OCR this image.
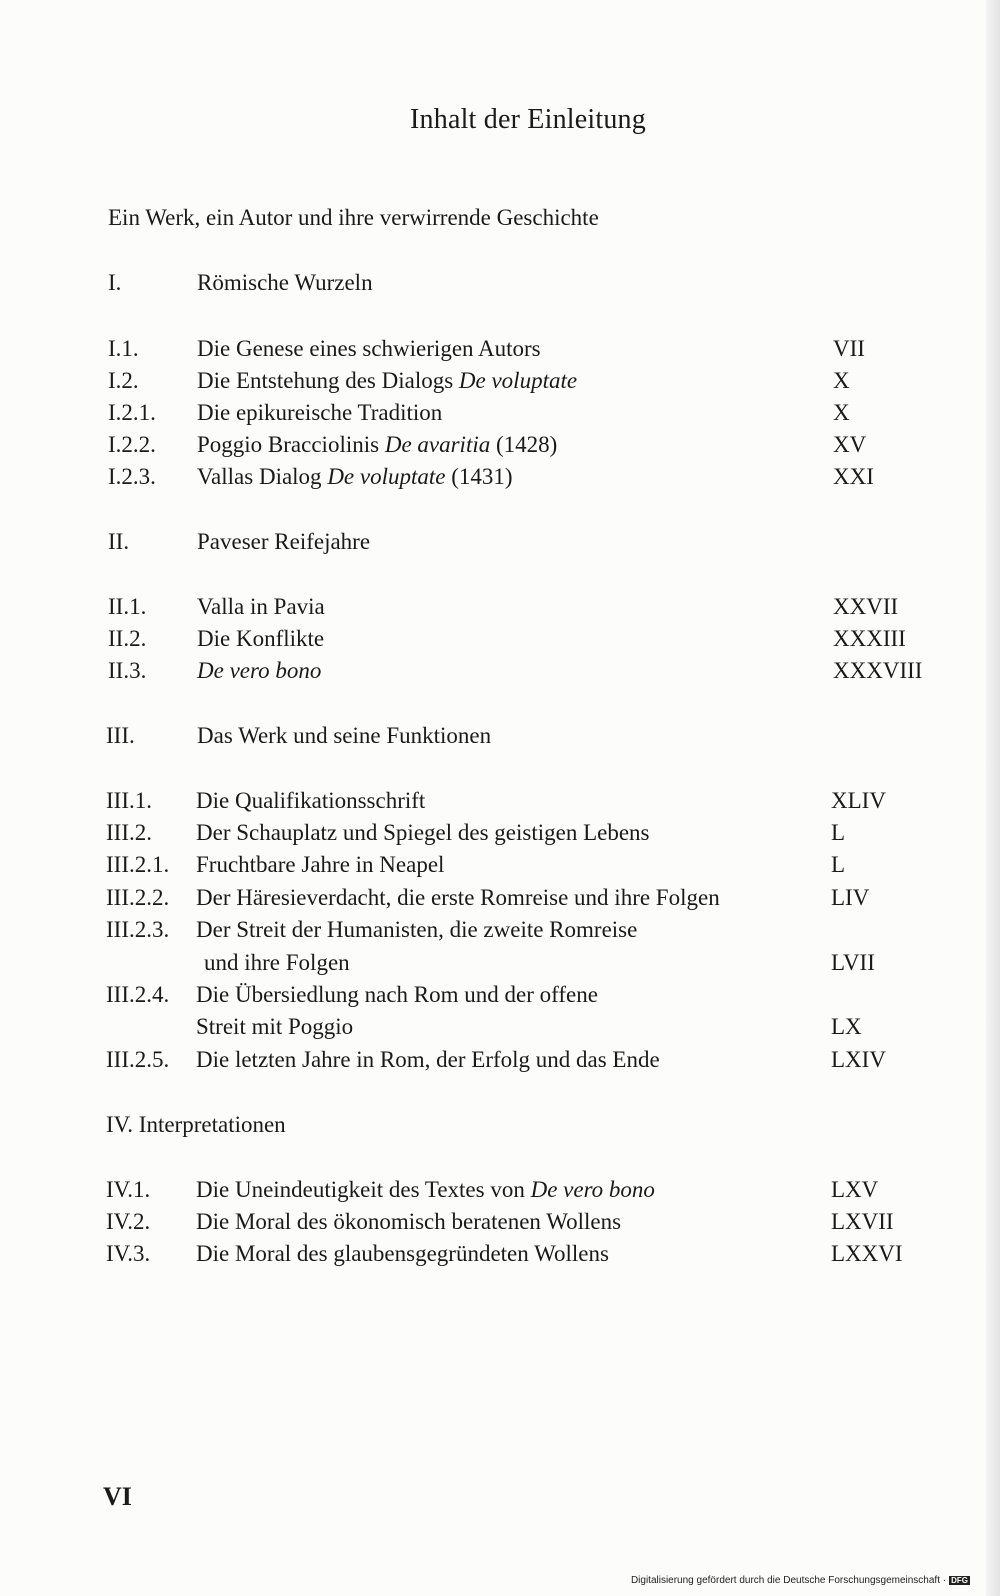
Inhalt der Einleitung
Ein Werk, ein Autor und ihre verwirrende Geschichte
I.	Römische Wurzeln
I.1.	Die Genese eines schwierigen Autors	VII
I.2.	Die Entstehung des Dialogs De voluptate	X
I.2.1. Die epikureische Tradition	X
I.2.2. Poggio Bracciolinis De avaritia (1428)	XV
I.2.3. Vallas Dialog De voluptate (1431)	XXI
II.	Paveser Reifejahre
II.1. Valla in Pavia	XXVII
II.2. Die Konflikte	XXXIII
II.3. De vero bono	XXXVIII
III.	Das Werk und seine Funktionen
III.1. Die Qualifikationsschrift	XLIV
III.2. Der Schauplatz und Spiegel des geistigen Lebens	L
III.2.1. Fruchtbare Jahre in Neapel	L
III.2.2. Der Häresieverdacht, die erste Romreise und ihre Folgen	LIV
III.2.3. Der Streit der Humanisten, die zweite Romreise
und ihre Folgen	LVII
III.2.4. Die Übersiedlung nach Rom und der offene
Streit mit Poggio	LX
III.2.5. Die letzten Jahre in Rom, der Erfolg und das Ende	LXIV
IV. Interpretationen
IV.1. Die Uneindeutigkeit des Textes von De vero bono	LXV
IV.2. Die Moral des ökonomisch beratenen Wollens	LXVII
IV.3. Die Moral des glaubensgegründeten Wollens	LXXVI
VI
Digitalisierung gefördert durch die Deutsche Forschungsgemeinschaft · DFG
